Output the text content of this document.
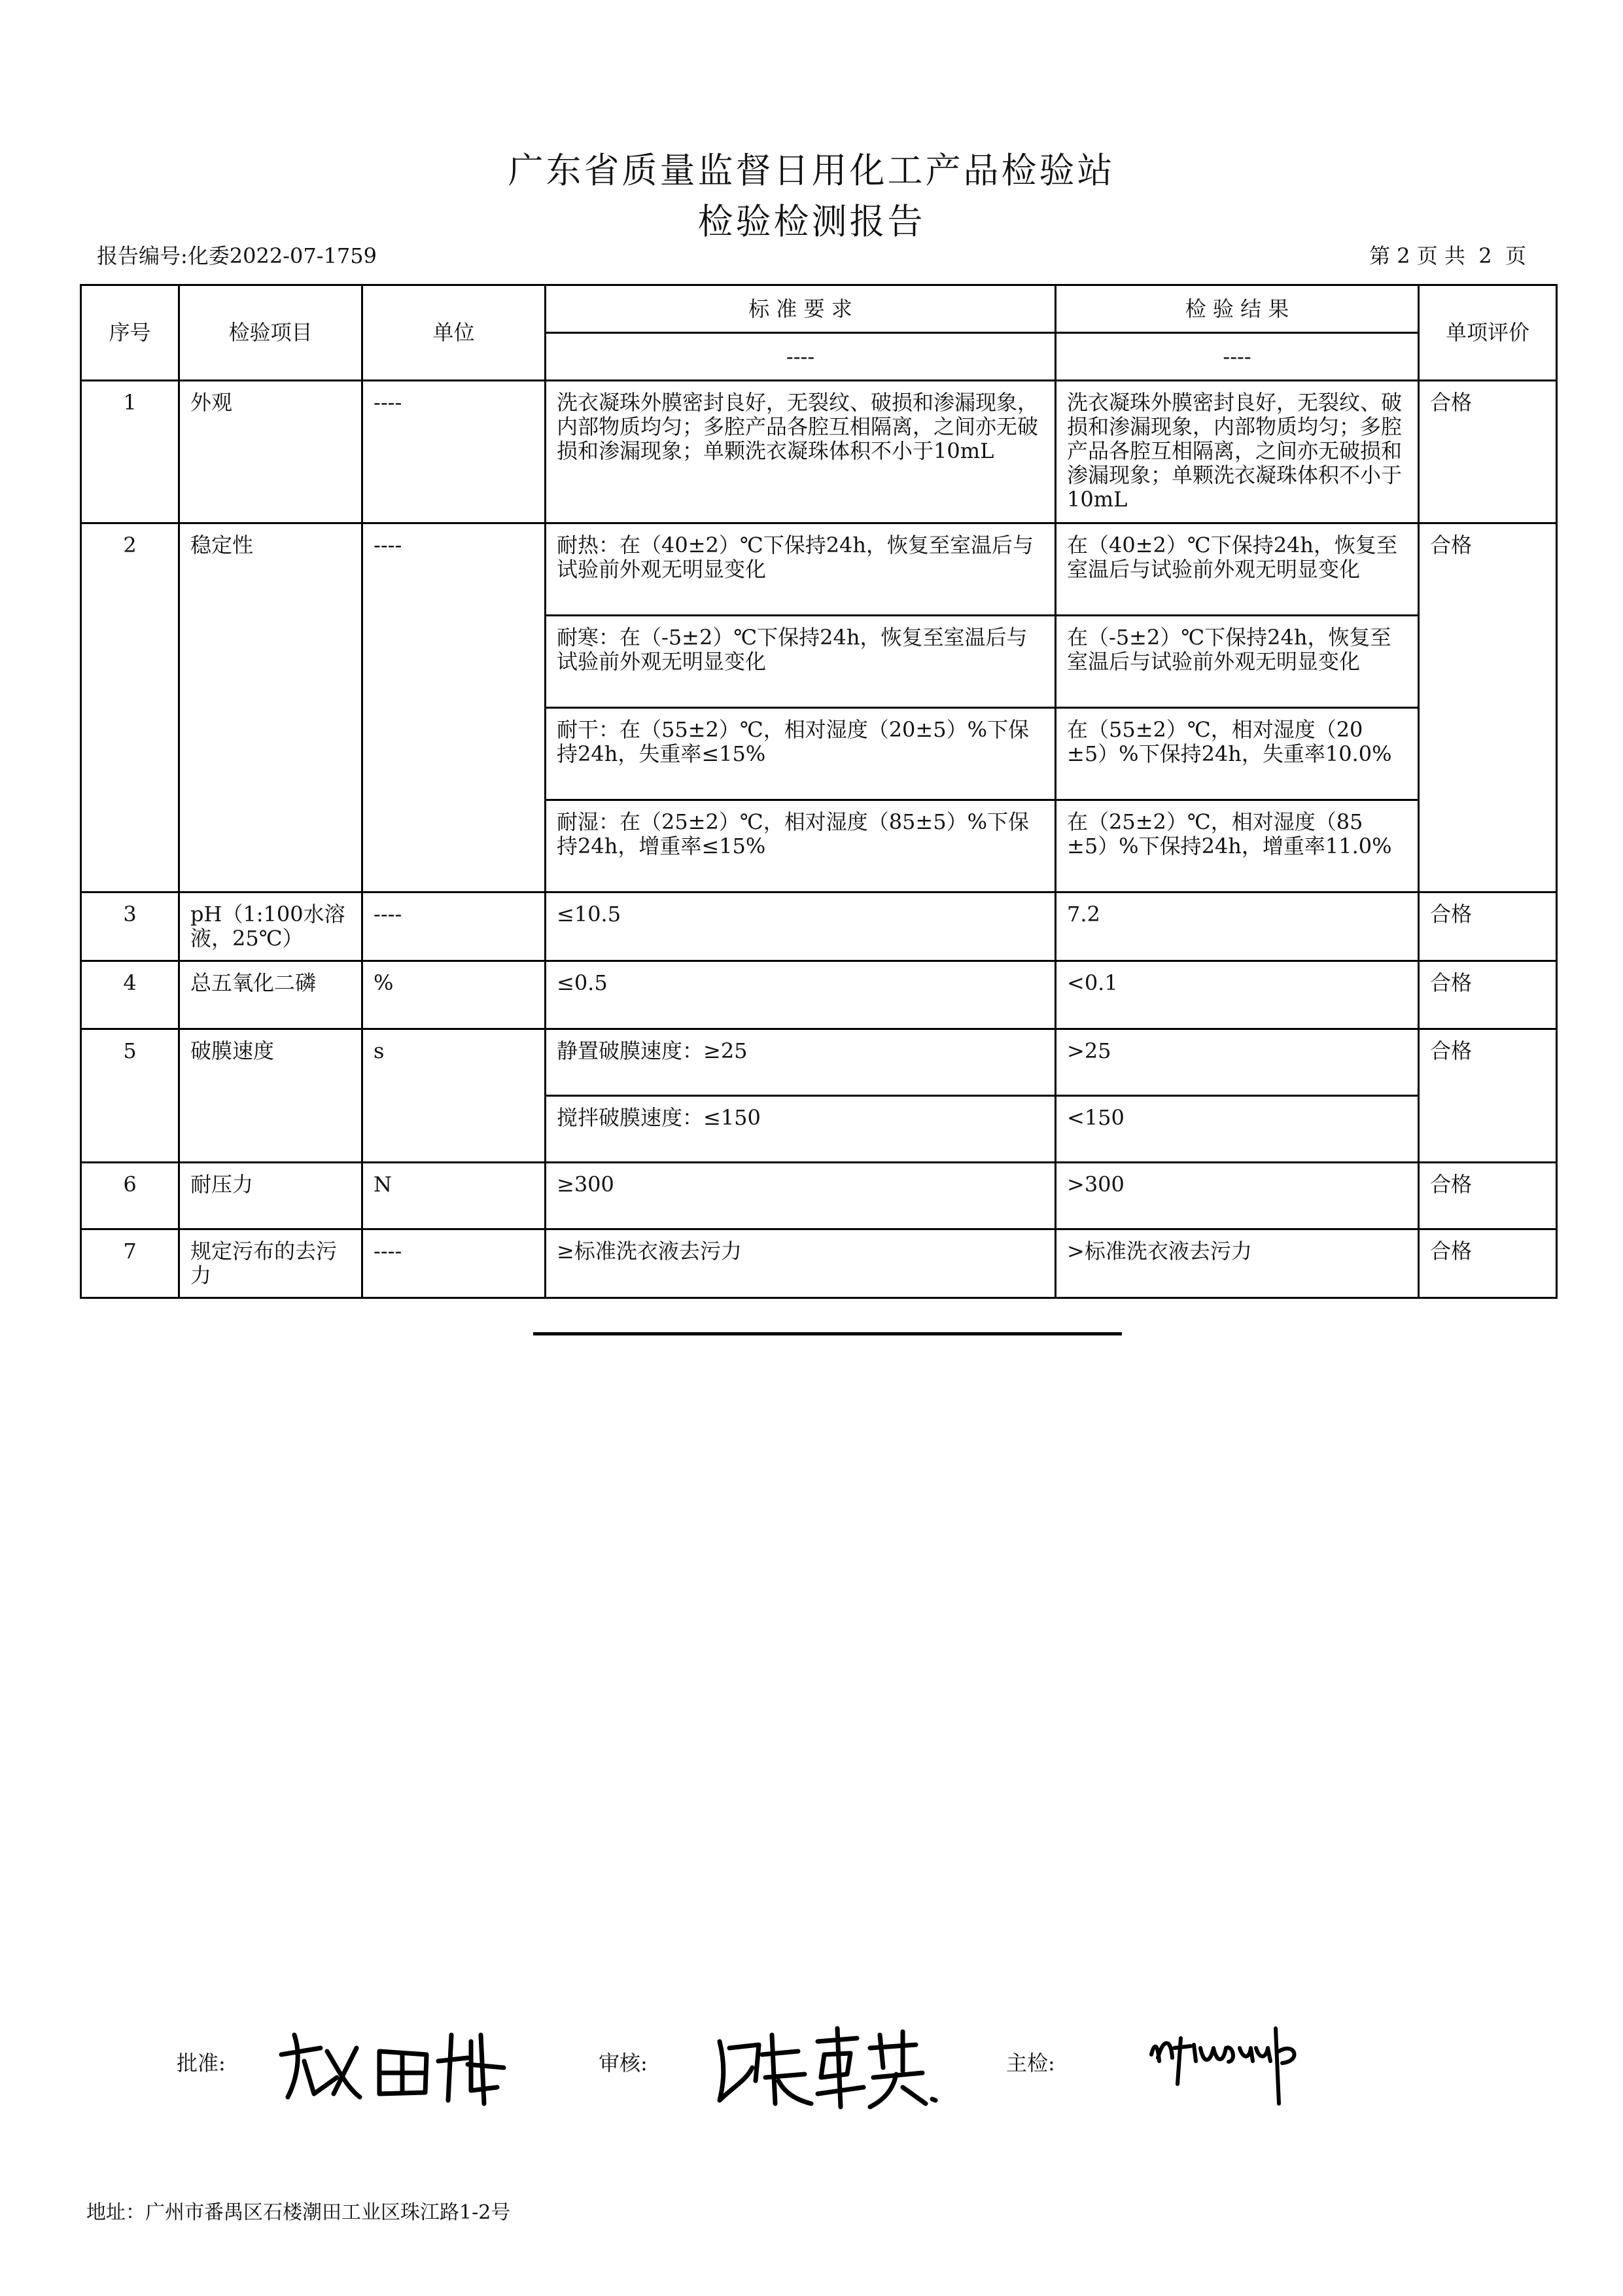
广东省质量监督日用化工产品检验站
检验检测报告
报告编号:化委2022-07-1759	第 2 页 共  2  页
序号	检验项目	单位	标 准 要 求	检 验 结 果	单项评价
			----	----	
1	外观	----	洗衣凝珠外膜密封良好，无裂纹、破损和渗漏现象，内部物质均匀；多腔产品各腔互相隔离，之间亦无破损和渗漏现象；单颗洗衣凝珠体积不小于10mL	洗衣凝珠外膜密封良好，无裂纹、破损和渗漏现象，内部物质均匀；多腔产品各腔互相隔离，之间亦无破损和渗漏现象；单颗洗衣凝珠体积不小于10mL	合格
2	稳定性	----	耐热：在（40±2）℃下保持24h，恢复至室温后与试验前外观无明显变化	在（40±2）℃下保持24h，恢复至室温后与试验前外观无明显变化	合格
			耐寒：在（-5±2）℃下保持24h，恢复至室温后与试验前外观无明显变化	在（-5±2）℃下保持24h，恢复至室温后与试验前外观无明显变化	
			耐干：在（55±2）℃，相对湿度（20±5）%下保持24h，失重率≤15%	在（55±2）℃，相对湿度（20±5）%下保持24h，失重率10.0%	
			耐湿：在（25±2）℃，相对湿度（85±5）%下保持24h，增重率≤15%	在（25±2）℃，相对湿度（85±5）%下保持24h，增重率11.0%	
3	pH（1:100水溶液，25℃）	----	≤10.5	7.2	合格
4	总五氧化二磷	%	≤0.5	<0.1	合格
5	破膜速度	s	静置破膜速度：≥25	>25	合格
			搅拌破膜速度：≤150	<150	
6	耐压力	N	≥300	>300	合格
7	规定污布的去污力	----	≥标准洗衣液去污力	>标准洗衣液去污力	合格
批准:	审核:	主检:
地址：广州市番禺区石楼潮田工业区珠江路1-2号
